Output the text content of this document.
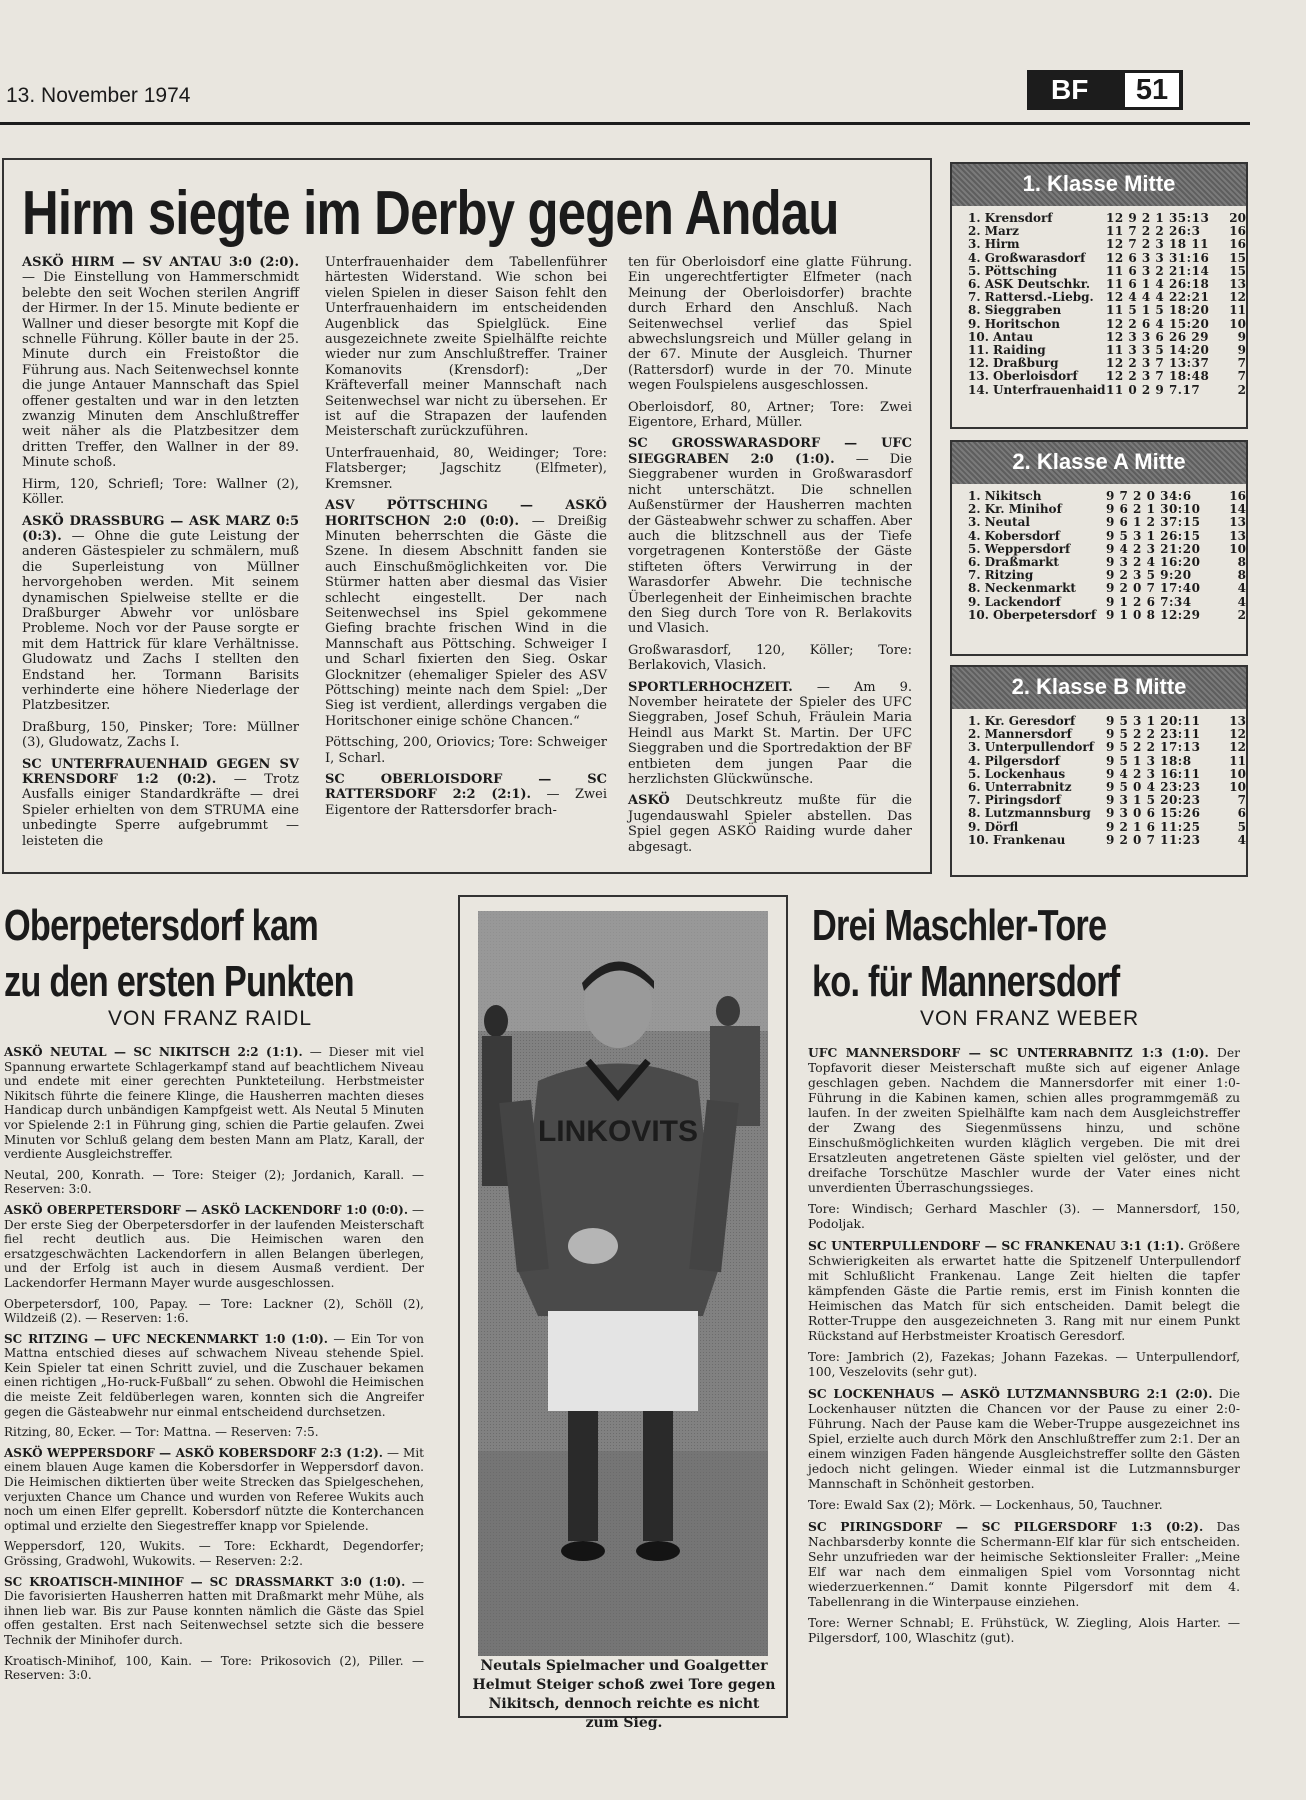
13. November 1974	BF	51
Hirm siegte im Derby gegen Andau

ASKÖ HIRM — SV ANTAU 3:0 (2:0). — Die Einstellung von Hammerschmidt belebte den seit Wochen sterilen Angriff der Hirmer. In der 15. Minute bediente er Wallner und dieser besorgte mit Kopf die schnelle Führung. Köller baute in der 25. Minute durch ein Freistoßtor die Führung aus. Nach Seitenwechsel konnte die junge Antauer Mannschaft das Spiel offener gestalten und war in den letzten zwanzig Minuten dem Anschlußtreffer weit näher als die Platzbesitzer dem dritten Treffer, den Wallner in der 89. Minute schoß.

Hirm, 120, Schriefl; Tore: Wallner (2), Köller.

ASKÖ DRASSBURG — ASK MARZ 0:5 (0:3). — Ohne die gute Leistung der anderen Gästespieler zu schmälern, muß die Superleistung von Müllner hervorgehoben werden. Mit seinem dynamischen Spielweise stellte er die Draßburger Abwehr vor unlösbare Probleme. Noch vor der Pause sorgte er mit dem Hattrick für klare Verhältnisse. Gludowatz und Zachs I stellten den Endstand her. Tormann Barisits verhinderte eine höhere Niederlage der Platzbesitzer.

Draßburg, 150, Pinsker; Tore: Müllner (3), Gludowatz, Zachs I.

SC UNTERFRAUENHAID GEGEN SV KRENSDORF 1:2 (0:2). — Trotz Ausfalls einiger Standardkräfte — drei Spieler erhielten von dem STRUMA eine unbedingte Sperre aufgebrummt — leisteten die

Unterfrauenhaider dem Tabellenführer härtesten Widerstand. Wie schon bei vielen Spielen in dieser Saison fehlt den Unterfrauenhaidern im entscheidenden Augenblick das Spielglück. Eine ausgezeichnete zweite Spielhälfte reichte wieder nur zum Anschlußtreffer. Trainer Komanovits (Krensdorf): „Der Kräfteverfall meiner Mannschaft nach Seitenwechsel war nicht zu übersehen. Er ist auf die Strapazen der laufenden Meisterschaft zurückzuführen.

Unterfrauenhaid, 80, Weidinger; Tore: Flatsberger; Jagschitz (Elfmeter), Kremsner.

ASV PÖTTSCHING — ASKÖ HORITSCHON 2:0 (0:0). — Dreißig Minuten beherrschten die Gäste die Szene. In diesem Abschnitt fanden sie auch Einschußmöglichkeiten vor. Die Stürmer hatten aber diesmal das Visier schlecht eingestellt. Der nach Seitenwechsel ins Spiel gekommene Giefing brachte frischen Wind in die Mannschaft aus Pöttsching. Schweiger I und Scharl fixierten den Sieg. Oskar Glocknitzer (ehemaliger Spieler des ASV Pöttsching) meinte nach dem Spiel: „Der Sieg ist verdient, allerdings vergaben die Horitschoner einige schöne Chancen.“

Pöttsching, 200, Oriovics; Tore: Schweiger I, Scharl.

SC OBERLOISDORF — SC RATTERSDORF 2:2 (2:1). — Zwei Eigentore der Rattersdorfer brach-

ten für Oberloisdorf eine glatte Führung. Ein ungerechtfertigter Elfmeter (nach Meinung der Oberloisdorfer) brachte durch Erhard den Anschluß. Nach Seitenwechsel verlief das Spiel abwechslungsreich und Müller gelang in der 67. Minute der Ausgleich. Thurner (Rattersdorf) wurde in der 70. Minute wegen Foulspielens ausgeschlossen.

Oberloisdorf, 80, Artner; Tore: Zwei Eigentore, Erhard, Müller.

SC GROSSWARASDORF — UFC SIEGGRABEN 2:0 (1:0). — Die Sieggrabener wurden in Großwarasdorf nicht unterschätzt. Die schnellen Außenstürmer der Hausherren machten der Gästeabwehr schwer zu schaffen. Aber auch die blitzschnell aus der Tiefe vorgetragenen Konterstöße der Gäste stifteten öfters Verwirrung in der Warasdorfer Abwehr. Die technische Überlegenheit der Einheimischen brachte den Sieg durch Tore von R. Berlakovits und Vlasich.

Großwarasdorf, 120, Köller; Tore: Berlakovich, Vlasich.

SPORTLERHOCHZEIT. — Am 9. November heiratete der Spieler des UFC Sieggraben, Josef Schuh, Fräulein Maria Heindl aus Markt St. Martin. Der UFC Sieggraben und die Sportredaktion der BF entbieten dem jungen Paar die herzlichsten Glückwünsche.

ASKÖ Deutschkreutz mußte für die Jugendauswahl Spieler abstellen. Das Spiel gegen ASKÖ Raiding wurde daher abgesagt.

1. Klasse Mitte
1. Krensdorf	12 9 2 1 35:13	20
2. Marz	11 7 2 2 26:3	16
3. Hirm	12 7 2 3 18 11	16
4. Großwarasdorf	12 6 3 3 31:16	15
5. Pöttsching	11 6 3 2 21:14	15
6. ASK Deutschkr.	11 6 1 4 26:18	13
7. Rattersd.-Liebg.	12 4 4 4 22:21	12
8. Sieggraben	11 5 1 5 18:20	11
9. Horitschon	12 2 6 4 15:20	10
10. Antau	12 3 3 6 26 29	9
11. Raiding	11 3 3 5 14:20	9
12. Draßburg	12 2 3 7 13:37	7
13. Oberloisdorf	12 2 3 7 18:48	7
14. Unterfrauenhaid	11 0 2 9 7.17	2
2. Klasse A Mitte
1. Nikitsch	9 7 2 0 34:6	16
2. Kr. Minihof	9 6 2 1 30:10	14
3. Neutal	9 6 1 2 37:15	13
4. Kobersdorf	9 5 3 1 26:15	13
5. Weppersdorf	9 4 2 3 21:20	10
6. Draßmarkt	9 3 2 4 16:20	8
7. Ritzing	9 2 3 5 9:20	8
8. Neckenmarkt	9 2 0 7 17:40	4
9. Lackendorf	9 1 2 6 7:34	4
10. Oberpetersdorf	9 1 0 8 12:29	2
2. Klasse B Mitte
1. Kr. Geresdorf	9 5 3 1 20:11	13
2. Mannersdorf	9 5 2 2 23:11	12
3. Unterpullendorf	9 5 2 2 17:13	12
4. Pilgersdorf	9 5 1 3 18:8	11
5. Lockenhaus	9 4 2 3 16:11	10
6. Unterrabnitz	9 5 0 4 23:23	10
7. Piringsdorf	9 3 1 5 20:23	7
8. Lutzmannsburg	9 3 0 6 15:26	6
9. Dörfl	9 2 1 6 11:25	5
10. Frankenau	9 2 0 7 11:23	4
Oberpetersdorf kam
zu den ersten Punkten
VON FRANZ RAIDL

ASKÖ NEUTAL — SC NIKITSCH 2:2 (1:1). — Dieser mit viel Spannung erwartete Schlagerkampf stand auf beachtlichem Niveau und endete mit einer gerechten Punkteteilung. Herbstmeister Nikitsch führte die feinere Klinge, die Hausherren machten dieses Handicap durch unbändigen Kampfgeist wett. Als Neutal 5 Minuten vor Spielende 2:1 in Führung ging, schien die Partie gelaufen. Zwei Minuten vor Schluß gelang dem besten Mann am Platz, Karall, der verdiente Ausgleichstreffer.

Neutal, 200, Konrath. — Tore: Steiger (2); Jordanich, Karall. — Reserven: 3:0.

ASKÖ OBERPETERSDORF — ASKÖ LACKENDORF 1:0 (0:0). — Der erste Sieg der Oberpetersdorfer in der laufenden Meisterschaft fiel recht deutlich aus. Die Heimischen waren den ersatzgeschwächten Lackendorfern in allen Belangen überlegen, und der Erfolg ist auch in diesem Ausmaß verdient. Der Lackendorfer Hermann Mayer wurde ausgeschlossen.

Oberpetersdorf, 100, Papay. — Tore: Lackner (2), Schöll (2), Wildzeiß (2). — Reserven: 1:6.

SC RITZING — UFC NECKENMARKT 1:0 (1:0). — Ein Tor von Mattna entschied dieses auf schwachem Niveau stehende Spiel. Kein Spieler tat einen Schritt zuviel, und die Zuschauer bekamen einen richtigen „Ho-ruck-Fußball“ zu sehen. Obwohl die Heimischen die meiste Zeit feldüberlegen waren, konnten sich die Angreifer gegen die Gästeabwehr nur einmal entscheidend durchsetzen.

Ritzing, 80, Ecker. — Tor: Mattna. — Reserven: 7:5.

ASKÖ WEPPERSDORF — ASKÖ KOBERSDORF 2:3 (1:2). — Mit einem blauen Auge kamen die Kobersdorfer in Weppersdorf davon. Die Heimischen diktierten über weite Strecken das Spielgeschehen, verjuxten Chance um Chance und wurden von Referee Wukits auch noch um einen Elfer geprellt. Kobersdorf nützte die Konterchancen optimal und erzielte den Siegestreffer knapp vor Spielende.

Weppersdorf, 120, Wukits. — Tore: Eckhardt, Degendorfer; Grössing, Gradwohl, Wukowits. — Reserven: 2:2.

SC KROATISCH-MINIHOF — SC DRASSMARKT 3:0 (1:0). — Die favorisierten Hausherren hatten mit Draßmarkt mehr Mühe, als ihnen lieb war. Bis zur Pause konnten nämlich die Gäste das Spiel offen gestalten. Erst nach Seitenwechsel setzte sich die bessere Technik der Minihofer durch.

Kroatisch-Minihof, 100, Kain. — Tore: Prikosovich (2), Piller. — Reserven: 3:0.

LINKOVITS
Neutals Spielmacher und Goalgetter Helmut Steiger schoß zwei Tore gegen Nikitsch, dennoch reichte es nicht zum Sieg.
Drei Maschler-Tore
ko. für Mannersdorf
VON FRANZ WEBER

UFC MANNERSDORF — SC UNTERRABNITZ 1:3 (1:0). Der Topfavorit dieser Meisterschaft mußte sich auf eigener Anlage geschlagen geben. Nachdem die Mannersdorfer mit einer 1:0-Führung in die Kabinen kamen, schien alles programmgemäß zu laufen. In der zweiten Spielhälfte kam nach dem Ausgleichstreffer der Zwang des Siegenmüssens hinzu, und schöne Einschußmöglichkeiten wurden kläglich vergeben. Die mit drei Ersatzleuten angetretenen Gäste spielten viel gelöster, und der dreifache Torschütze Maschler wurde der Vater eines nicht unverdienten Überraschungssieges.

Tore: Windisch; Gerhard Maschler (3). — Mannersdorf, 150, Podoljak.

SC UNTERPULLENDORF — SC FRANKENAU 3:1 (1:1). Größere Schwierigkeiten als erwartet hatte die Spitzenelf Unterpullendorf mit Schlußlicht Frankenau. Lange Zeit hielten die tapfer kämpfenden Gäste die Partie remis, erst im Finish konnten die Heimischen das Match für sich entscheiden. Damit belegt die Rotter-Truppe den ausgezeichneten 3. Rang mit nur einem Punkt Rückstand auf Herbstmeister Kroatisch Geresdorf.

Tore: Jambrich (2), Fazekas; Johann Fazekas. — Unterpullendorf, 100, Veszelovits (sehr gut).

SC LOCKENHAUS — ASKÖ LUTZMANNSBURG 2:1 (2:0). Die Lockenhauser nützten die Chancen vor der Pause zu einer 2:0-Führung. Nach der Pause kam die Weber-Truppe ausgezeichnet ins Spiel, erzielte auch durch Mörk den Anschlußtreffer zum 2:1. Der an einem winzigen Faden hängende Ausgleichstreffer sollte den Gästen jedoch nicht gelingen. Wieder einmal ist die Lutzmannsburger Mannschaft in Schönheit gestorben.

Tore: Ewald Sax (2); Mörk. — Lockenhaus, 50, Tauchner.

SC PIRINGSDORF — SC PILGERSDORF 1:3 (0:2). Das Nachbarsderby konnte die Schermann-Elf klar für sich entscheiden. Sehr unzufrieden war der heimische Sektionsleiter Fraller: „Meine Elf war nach dem einmaligen Spiel vom Vorsonntag nicht wiederzuerkennen.“ Damit konnte Pilgersdorf mit dem 4. Tabellenrang in die Winterpause einziehen.

Tore: Werner Schnabl; E. Frühstück, W. Ziegling, Alois Harter. — Pilgersdorf, 100, Wlaschitz (gut).
